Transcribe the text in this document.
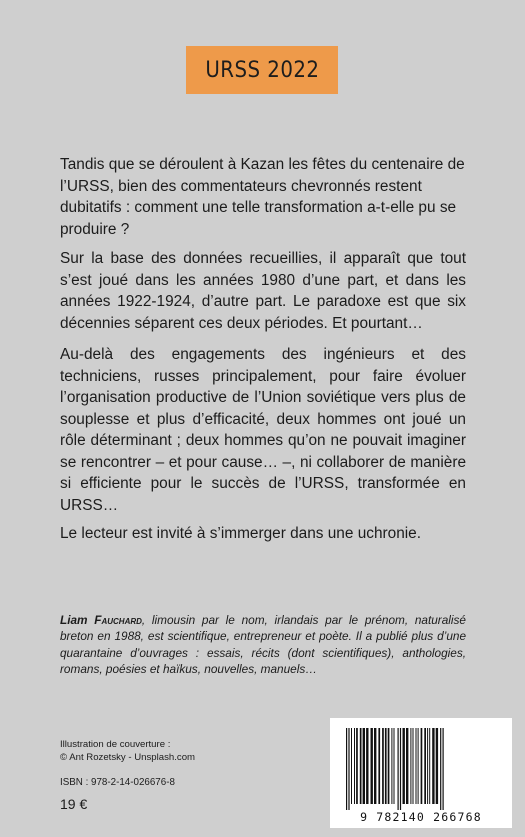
URSS 2022

Tandis que se déroulent à Kazan les fêtes du centenaire de l’URSS, bien des commentateurs chevronnés restent dubitatifs : comment une telle transformation a-t-elle pu se produire ?

Sur la base des données recueillies, il apparaît que tout s’est joué dans les années 1980 d’une part, et dans les années 1922-1924, d’autre part. Le paradoxe est que six décennies séparent ces deux périodes. Et pourtant…

Au-delà des engagements des ingénieurs et des techniciens, russes principalement, pour faire évoluer l’organisation productive de l’Union soviétique vers plus de souplesse et plus d’efficacité, deux hommes ont joué un rôle déterminant ; deux hommes qu’on ne pouvait imaginer se rencontrer – et pour cause… –, ni collaborer de manière si efficiente pour le succès de l’URSS, transformée en URSS…

Le lecteur est invité à s’immerger dans une uchronie.

Liam Fauchard, limousin par le nom, irlandais par le prénom, naturalisé breton en 1988, est scientifique, entrepreneur et poète. Il a publié plus d’une quarantaine d’ouvrages : essais, récits (dont scientifiques), anthologies, romans, poésies et haïkus, nouvelles, manuels…

Illustration de couverture :
© Ant Rozetsky - Unsplash.com

ISBN : 978-2-14-026676-8

19 €

9 782140 266768
